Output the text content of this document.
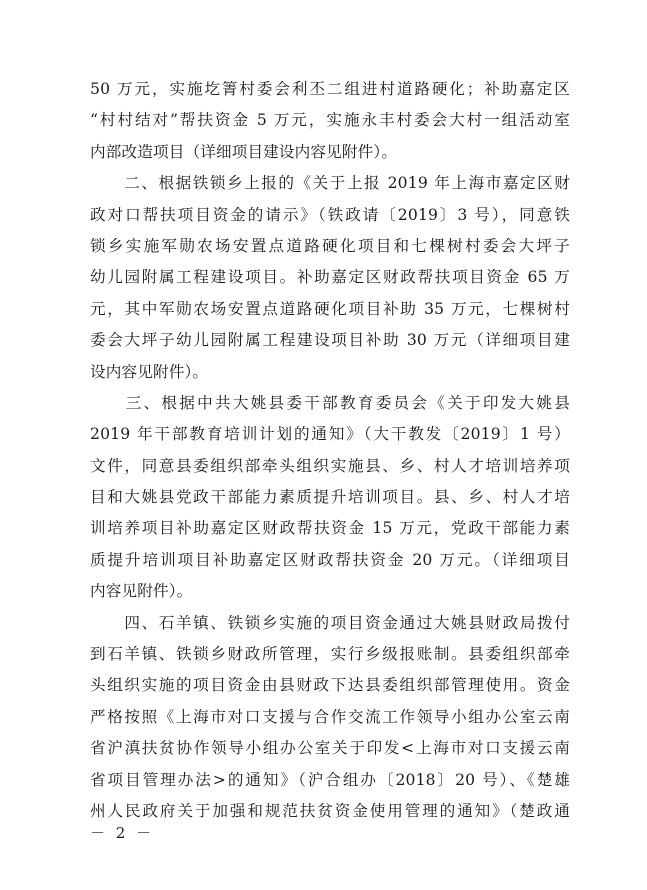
50 万元，实施圪箐村委会利丕二组进村道路硬化；补助嘉定区
“村村结对”帮扶资金 5 万元，实施永丰村委会大村一组活动室
内部改造项目（详细项目建设内容见附件）。
　　二、根据铁锁乡上报的《关于上报 2019 年上海市嘉定区财
政对口帮扶项目资金的请示》（铁政请〔2019〕3 号），同意铁
锁乡实施军勋农场安置点道路硬化项目和七棵树村委会大坪子
幼儿园附属工程建设项目。补助嘉定区财政帮扶项目资金 65 万
元，其中军勋农场安置点道路硬化项目补助 35 万元，七棵树村
委会大坪子幼儿园附属工程建设项目补助 30 万元（详细项目建
设内容见附件）。
　　三、根据中共大姚县委干部教育委员会《关于印发大姚县
2019 年干部教育培训计划的通知》（大干教发〔2019〕1 号）
文件，同意县委组织部牵头组织实施县、乡、村人才培训培养项
目和大姚县党政干部能力素质提升培训项目。县、乡、村人才培
训培养项目补助嘉定区财政帮扶资金 15 万元，党政干部能力素
质提升培训项目补助嘉定区财政帮扶资金 20 万元。（详细项目
内容见附件）。
　　四、石羊镇、铁锁乡实施的项目资金通过大姚县财政局拨付
到石羊镇、铁锁乡财政所管理，实行乡级报账制。县委组织部牵
头组织实施的项目资金由县财政下达县委组织部管理使用。资金
严格按照《上海市对口支援与合作交流工作领导小组办公室云南
省沪滇扶贫协作领导小组办公室关于印发<上海市对口支援云南
省项目管理办法>的通知》（沪合组办〔2018〕20 号）、《楚雄
州人民政府关于加强和规范扶贫资金使用管理的通知》（楚政通
－ 2 －
